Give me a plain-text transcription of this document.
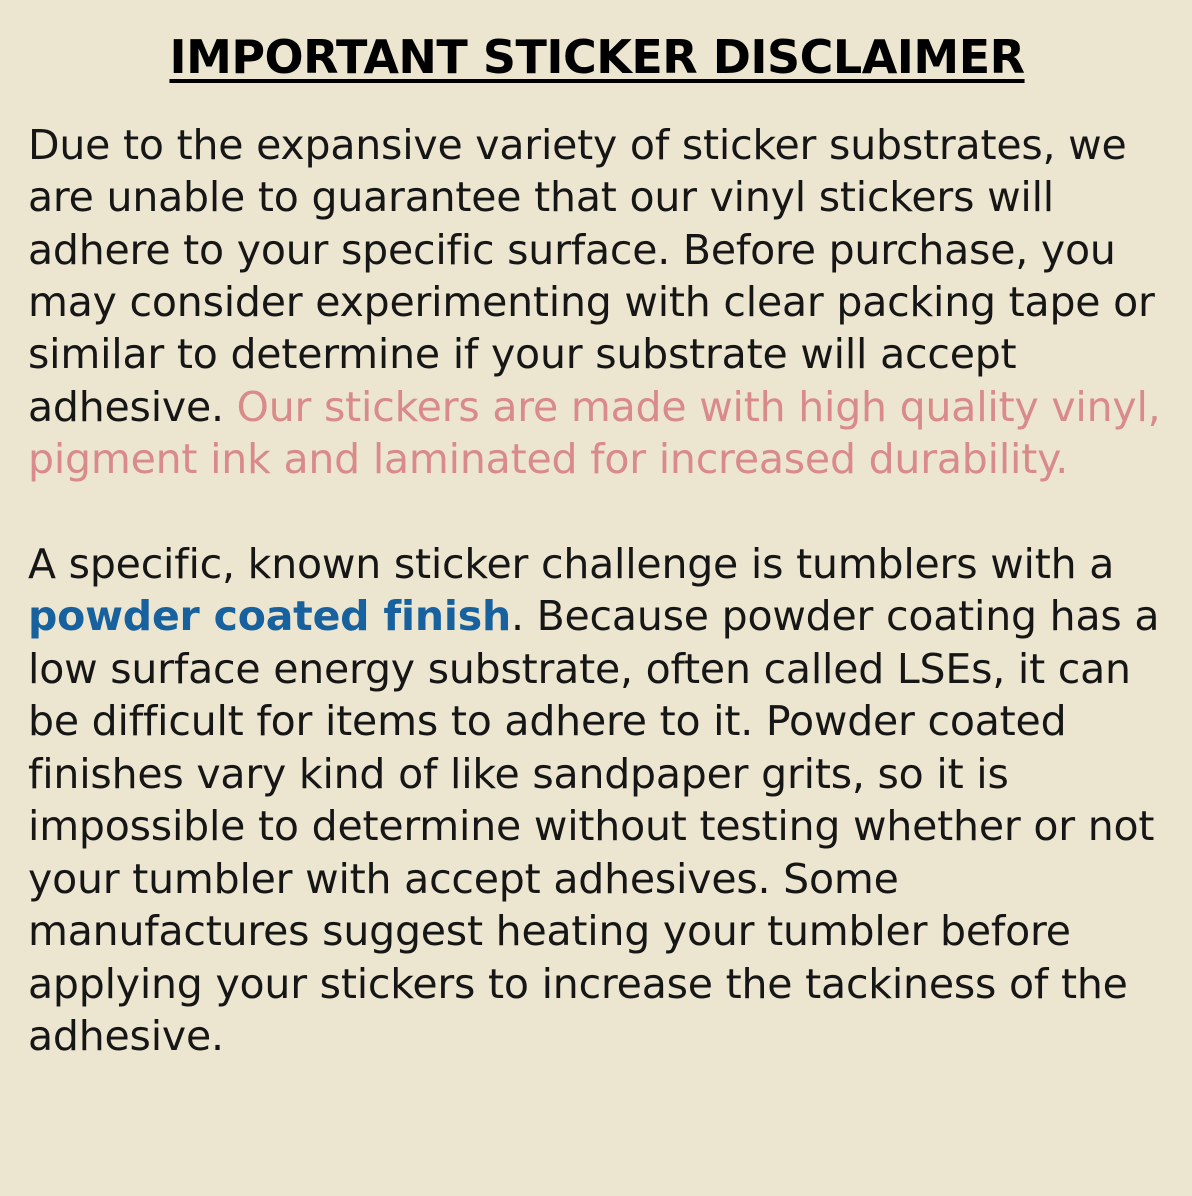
IMPORTANT STICKER DISCLAIMER

Due to the expansive variety of sticker substrates, we are unable to guarantee that our vinyl stickers will adhere to your specific surface. Before purchase, you may consider experimenting with clear packing tape or similar to determine if your substrate will accept adhesive. Our stickers are made with high quality vinyl, pigment ink and laminated for increased durability.

A specific, known sticker challenge is tumblers with a powder coated finish. Because powder coating has a low surface energy substrate, often called LSEs, it can be difficult for items to adhere to it. Powder coated finishes vary kind of like sandpaper grits, so it is impossible to determine without testing whether or not your tumbler with accept adhesives. Some manufactures suggest heating your tumbler before applying your stickers to increase the tackiness of the adhesive.
